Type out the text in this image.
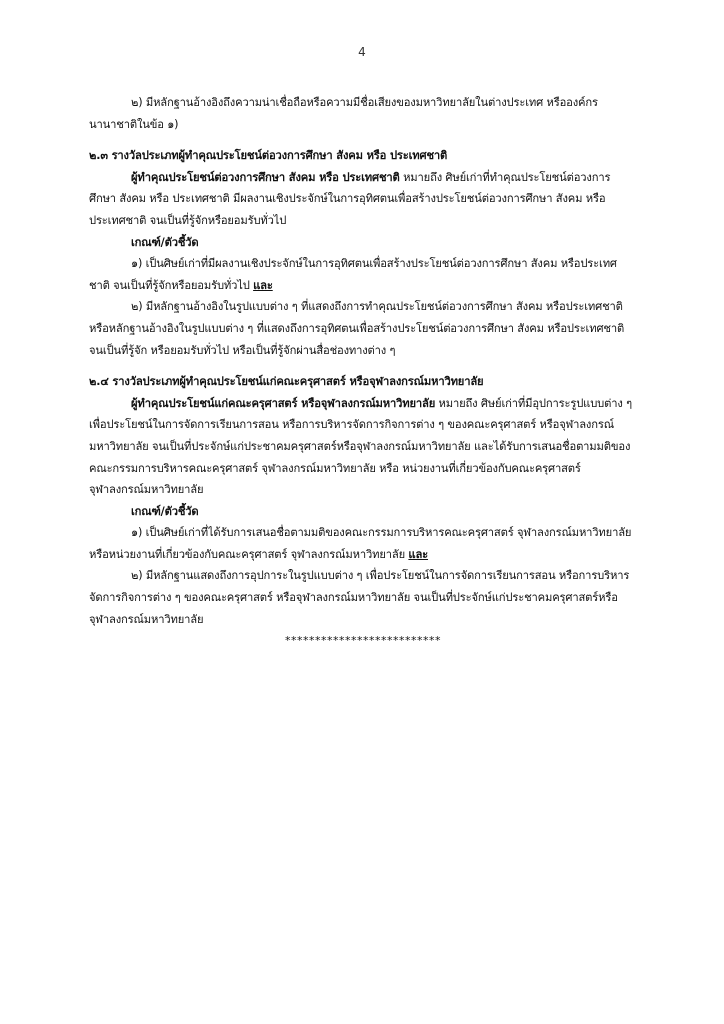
4

๒) มีหลักฐานอ้างอิงถึงความน่าเชื่อถือหรือความมีชื่อเสียงของมหาวิทยาลัยในต่างประเทศ หรือองค์กรนานาชาติในข้อ ๑)

๒.๓ รางวัลประเภทผู้ทำคุณประโยชน์ต่อวงการศึกษา สังคม หรือ ประเทศชาติ

ผู้ทำคุณประโยชน์ต่อวงการศึกษา สังคม หรือ ประเทศชาติ หมายถึง ศิษย์เก่าที่ทำคุณประโยชน์ต่อวงการศึกษา สังคม หรือ ประเทศชาติ มีผลงานเชิงประจักษ์ในการอุทิศตนเพื่อสร้างประโยชน์ต่อวงการศึกษา สังคม หรือประเทศชาติ จนเป็นที่รู้จักหรือยอมรับทั่วไป

เกณฑ์/ตัวชี้วัด

๑) เป็นศิษย์เก่าที่มีผลงานเชิงประจักษ์ในการอุทิศตนเพื่อสร้างประโยชน์ต่อวงการศึกษา สังคม หรือประเทศชาติ จนเป็นที่รู้จักหรือยอมรับทั่วไป และ

๒) มีหลักฐานอ้างอิงในรูปแบบต่าง ๆ ที่แสดงถึงการทำคุณประโยชน์ต่อวงการศึกษา สังคม หรือประเทศชาติ หรือหลักฐานอ้างอิงในรูปแบบต่าง ๆ ที่แสดงถึงการอุทิศตนเพื่อสร้างประโยชน์ต่อวงการศึกษา สังคม หรือประเทศชาติ จนเป็นที่รู้จัก หรือยอมรับทั่วไป หรือเป็นที่รู้จักผ่านสื่อช่องทางต่าง ๆ

๒.๔ รางวัลประเภทผู้ทำคุณประโยชน์แก่คณะครุศาสตร์ หรือจุฬาลงกรณ์มหาวิทยาลัย

ผู้ทำคุณประโยชน์แก่คณะครุศาสตร์ หรือจุฬาลงกรณ์มหาวิทยาลัย หมายถึง ศิษย์เก่าที่มีอุปการะรูปแบบต่าง ๆ เพื่อประโยชน์ในการจัดการเรียนการสอน หรือการบริหารจัดการกิจการต่าง ๆ ของคณะครุศาสตร์ หรือจุฬาลงกรณ์มหาวิทยาลัย จนเป็นที่ประจักษ์แก่ประชาคมครุศาสตร์หรือจุฬาลงกรณ์มหาวิทยาลัย และได้รับการเสนอชื่อตามมติของคณะกรรมการบริหารคณะครุศาสตร์ จุฬาลงกรณ์มหาวิทยาลัย หรือ หน่วยงานที่เกี่ยวข้องกับคณะครุศาสตร์ จุฬาลงกรณ์มหาวิทยาลัย

เกณฑ์/ตัวชี้วัด

๑) เป็นศิษย์เก่าที่ได้รับการเสนอชื่อตามมติของคณะกรรมการบริหารคณะครุศาสตร์ จุฬาลงกรณ์มหาวิทยาลัย หรือหน่วยงานที่เกี่ยวข้องกับคณะครุศาสตร์ จุฬาลงกรณ์มหาวิทยาลัย และ

๒) มีหลักฐานแสดงถึงการอุปการะในรูปแบบต่าง ๆ เพื่อประโยชน์ในการจัดการเรียนการสอน หรือการบริหารจัดการกิจการต่าง ๆ ของคณะครุศาสตร์ หรือจุฬาลงกรณ์มหาวิทยาลัย จนเป็นที่ประจักษ์แก่ประชาคมครุศาสตร์หรือจุฬาลงกรณ์มหาวิทยาลัย

**************************
